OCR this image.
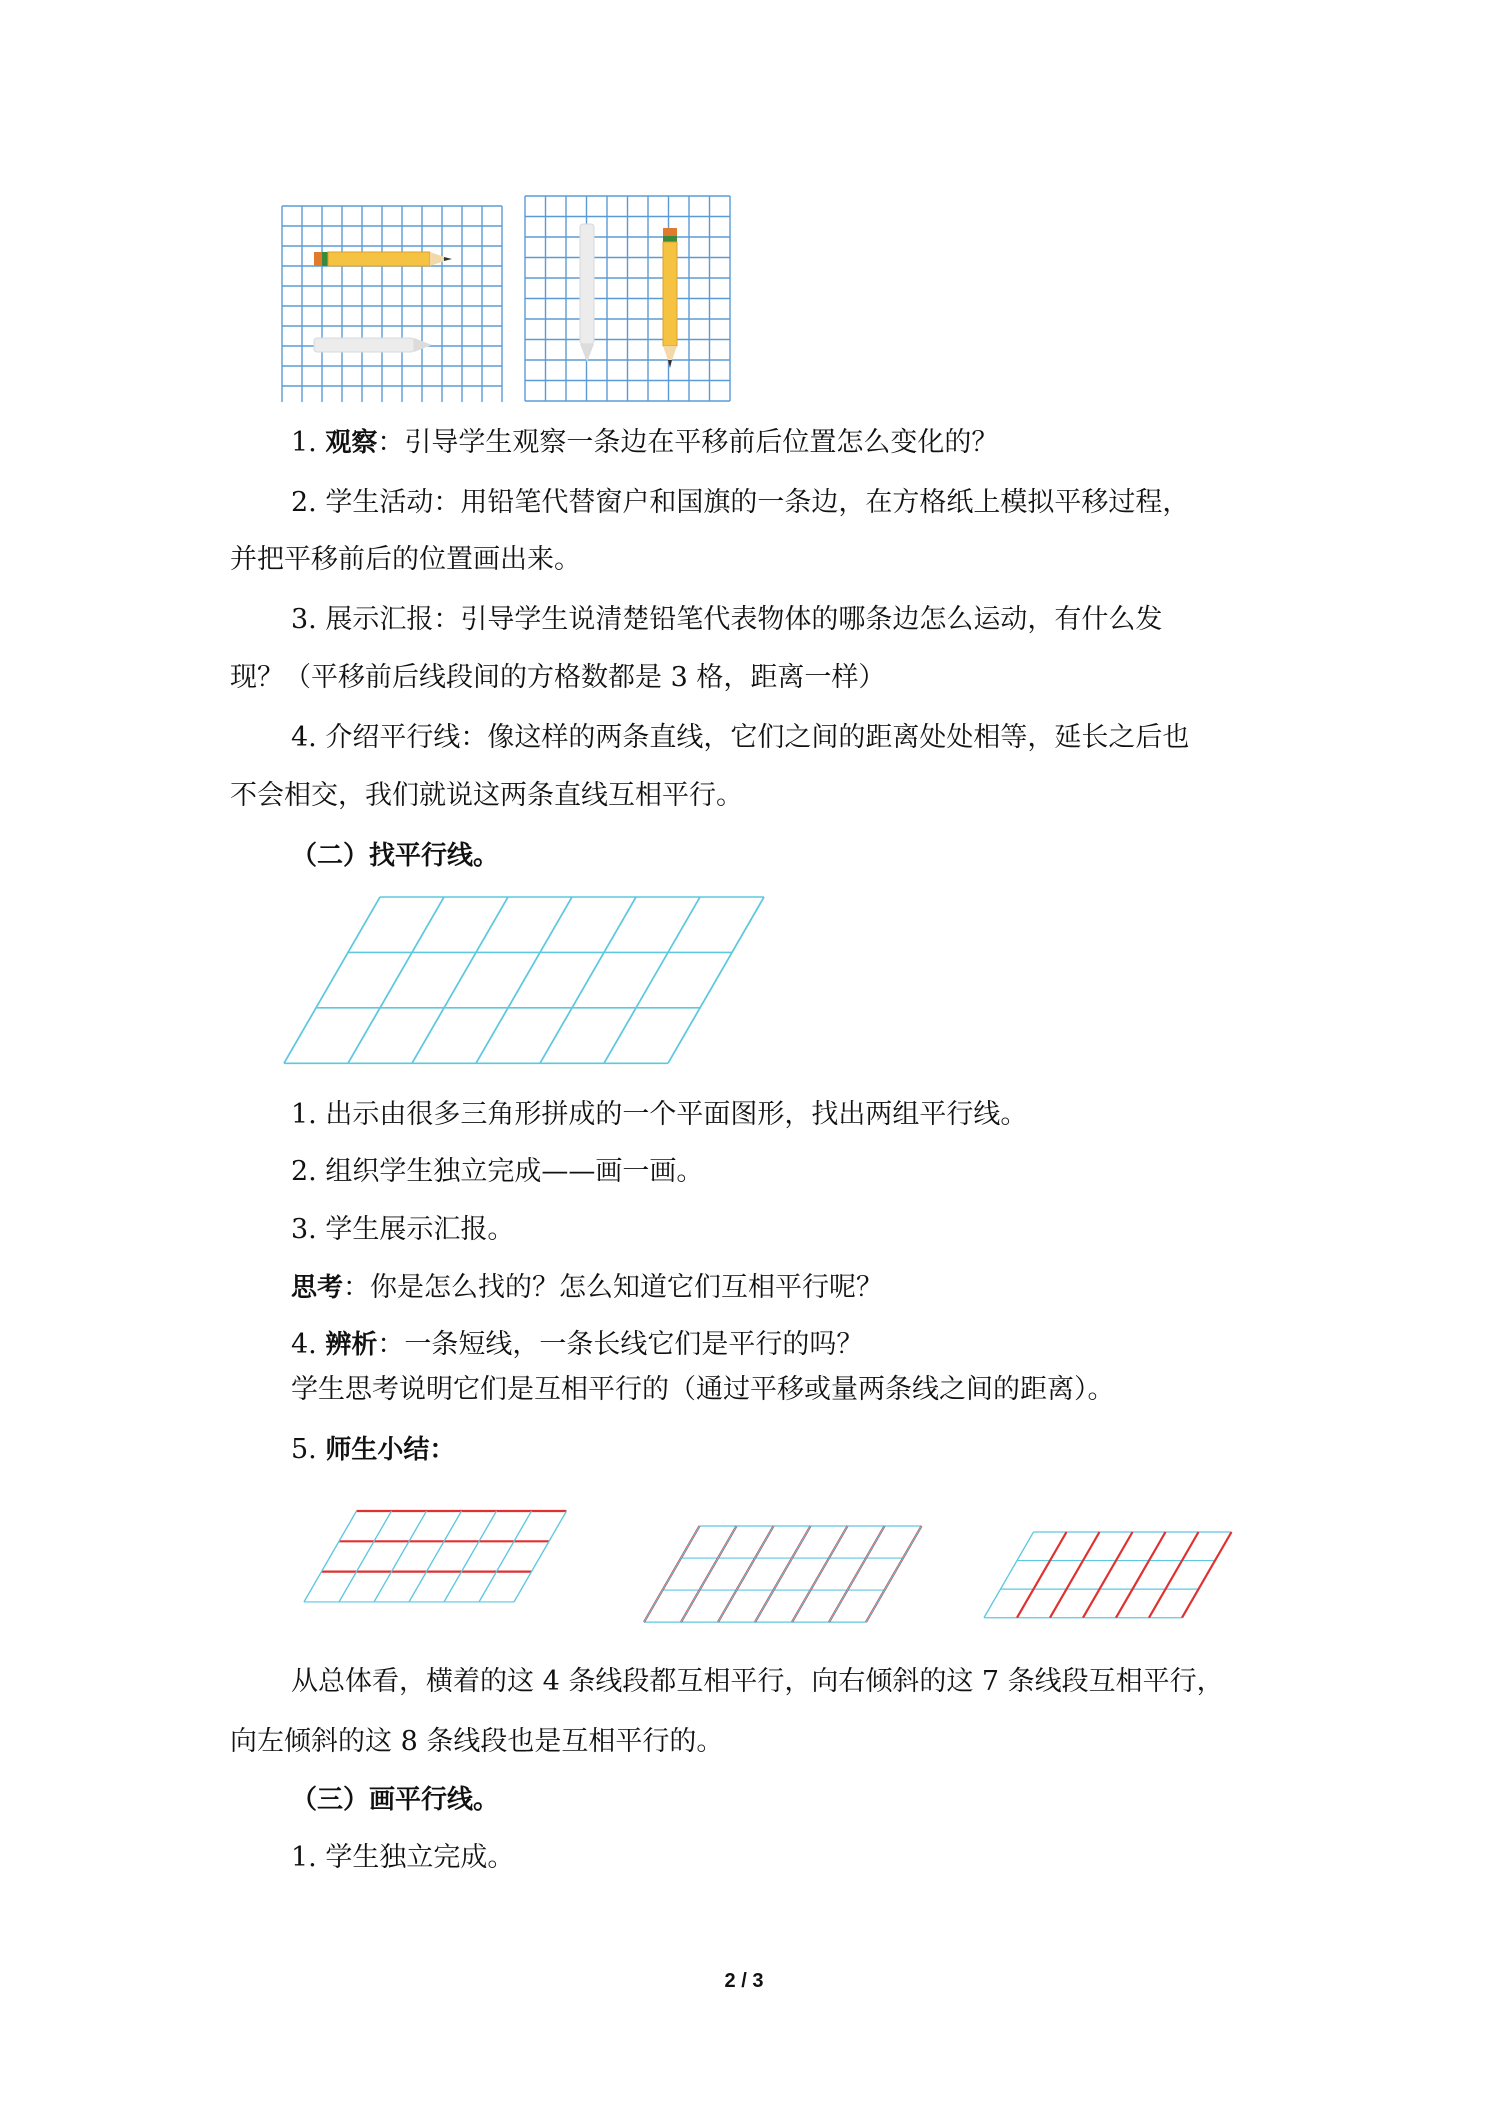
1. 观察：引导学生观察一条边在平移前后位置怎么变化的？
2. 学生活动：用铅笔代替窗户和国旗的一条边，在方格纸上模拟平移过程，
并把平移前后的位置画出来。
3. 展示汇报：引导学生说清楚铅笔代表物体的哪条边怎么运动，有什么发
现？（平移前后线段间的方格数都是 3 格，距离一样）
4. 介绍平行线：像这样的两条直线，它们之间的距离处处相等，延长之后也
不会相交，我们就说这两条直线互相平行。
（二）找平行线。
1. 出示由很多三角形拼成的一个平面图形，找出两组平行线。
2. 组织学生独立完成——画一画。
3. 学生展示汇报。
思考：你是怎么找的？怎么知道它们互相平行呢？
4. 辨析：一条短线，一条长线它们是平行的吗？
学生思考说明它们是互相平行的（通过平移或量两条线之间的距离）。
5. 师生小结：
从总体看，横着的这 4 条线段都互相平行，向右倾斜的这 7 条线段互相平行，
向左倾斜的这 8 条线段也是互相平行的。
（三）画平行线。
1. 学生独立完成。
2 / 3
